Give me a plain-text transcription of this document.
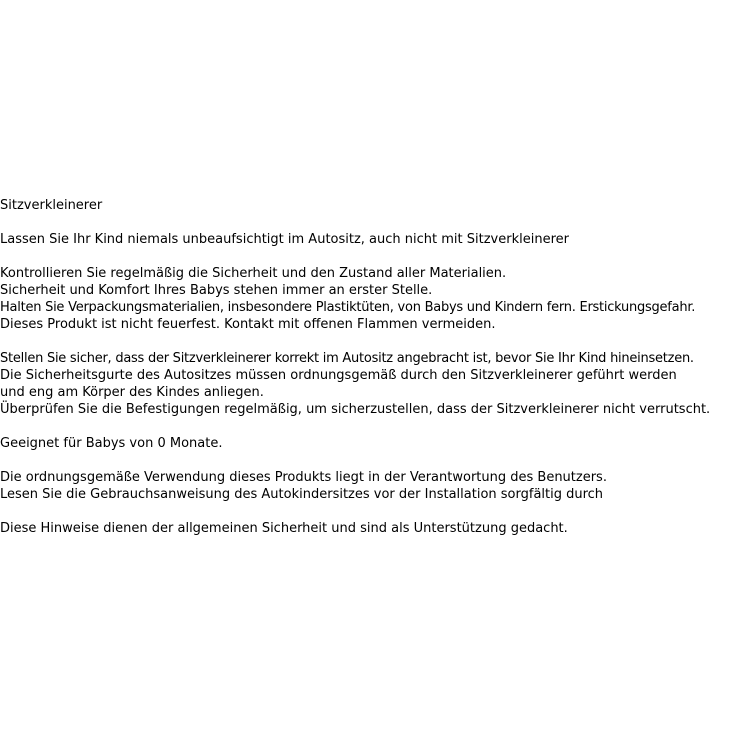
Sitzverkleinerer
Lassen Sie Ihr Kind niemals unbeaufsichtigt im Autositz, auch nicht mit Sitzverkleinerer
Kontrollieren Sie regelmäßig die Sicherheit und den Zustand aller Materialien.
Sicherheit und Komfort Ihres Babys stehen immer an erster Stelle.
Halten Sie Verpackungsmaterialien, insbesondere Plastiktüten, von Babys und Kindern fern. Erstickungsgefahr.
Dieses Produkt ist nicht feuerfest. Kontakt mit offenen Flammen vermeiden.
Stellen Sie sicher, dass der Sitzverkleinerer korrekt im Autositz angebracht ist, bevor Sie Ihr Kind hineinsetzen.
Die Sicherheitsgurte des Autositzes müssen ordnungsgemäß durch den Sitzverkleinerer geführt werden
und eng am Körper des Kindes anliegen.
Überprüfen Sie die Befestigungen regelmäßig, um sicherzustellen, dass der Sitzverkleinerer nicht verrutscht.
Geeignet für Babys von 0 Monate.
Die ordnungsgemäße Verwendung dieses Produkts liegt in der Verantwortung des Benutzers.
Lesen Sie die Gebrauchsanweisung des Autokindersitzes vor der Installation sorgfältig durch
Diese Hinweise dienen der allgemeinen Sicherheit und sind als Unterstützung gedacht.
